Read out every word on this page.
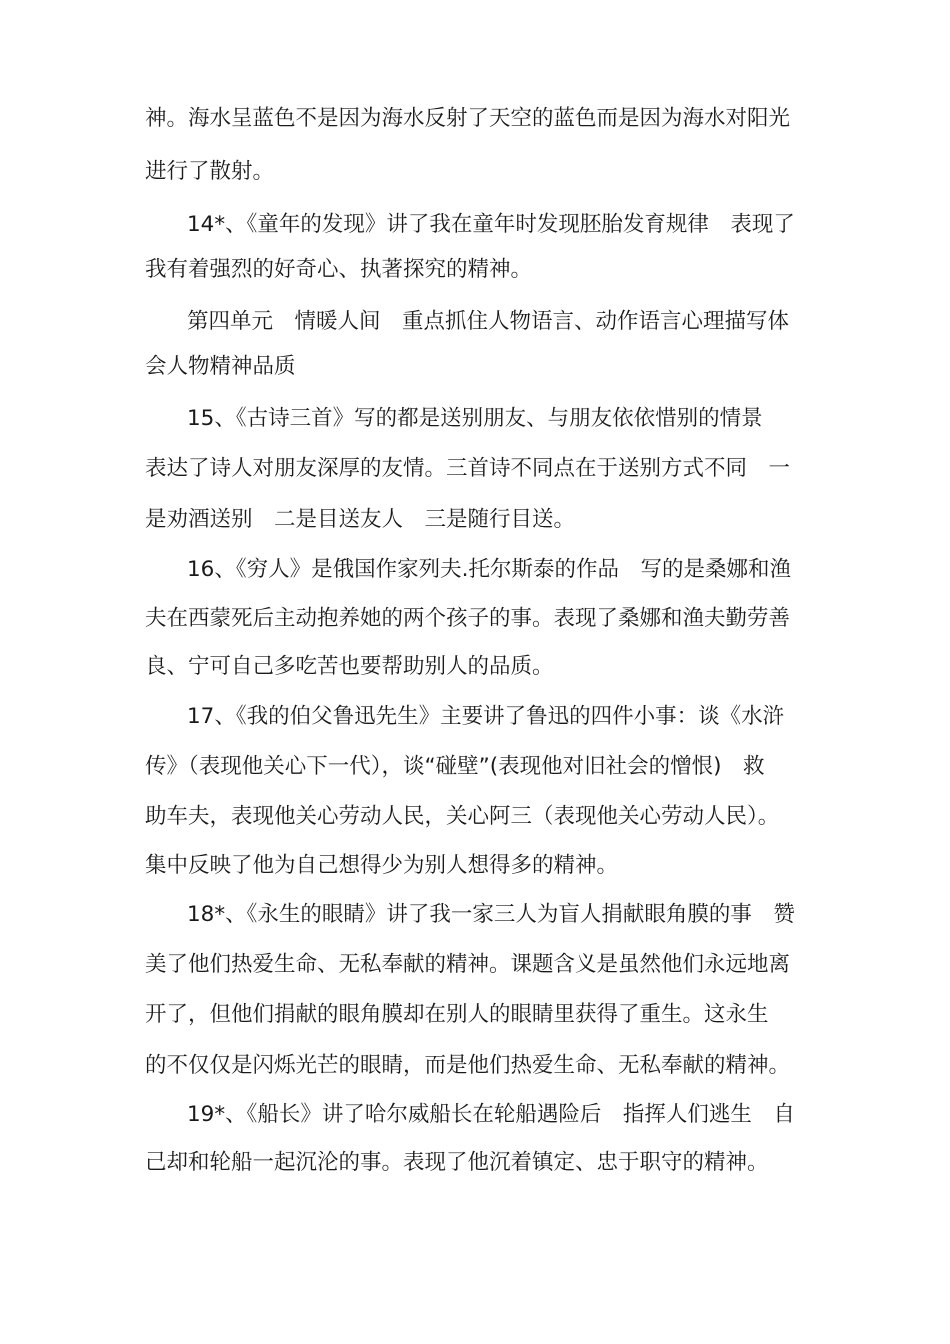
神。海水呈蓝色不是因为海水反射了天空的蓝色而是因为海水对阳光
进行了散射。
14*、《童年的发现》讲了我在童年时发现胚胎发育规律　表现了
我有着强烈的好奇心、执著探究的精神。
第四单元　情暖人间　重点抓住人物语言、动作语言心理描写体
会人物精神品质
15、《古诗三首》写的都是送别朋友、与朋友依依惜别的情景
表达了诗人对朋友深厚的友情。三首诗不同点在于送别方式不同　一
是劝酒送别　二是目送友人　三是随行目送。
16、《穷人》是俄国作家列夫.托尔斯泰的作品　写的是桑娜和渔
夫在西蒙死后主动抱养她的两个孩子的事。表现了桑娜和渔夫勤劳善
良、宁可自己多吃苦也要帮助别人的品质。
17、《我的伯父鲁迅先生》主要讲了鲁迅的四件小事：谈《水浒
传》（表现他关心下一代），谈“碰壁”(表现他对旧社会的憎恨)　救
助车夫，表现他关心劳动人民，关心阿三（表现他关心劳动人民）。
集中反映了他为自己想得少为别人想得多的精神。
18*、《永生的眼睛》讲了我一家三人为盲人捐献眼角膜的事　赞
美了他们热爱生命、无私奉献的精神。课题含义是虽然他们永远地离
开了，但他们捐献的眼角膜却在别人的眼睛里获得了重生。这永生
的不仅仅是闪烁光芒的眼睛，而是他们热爱生命、无私奉献的精神。
19*、《船长》讲了哈尔威船长在轮船遇险后　指挥人们逃生　自
己却和轮船一起沉沦的事。表现了他沉着镇定、忠于职守的精神。
